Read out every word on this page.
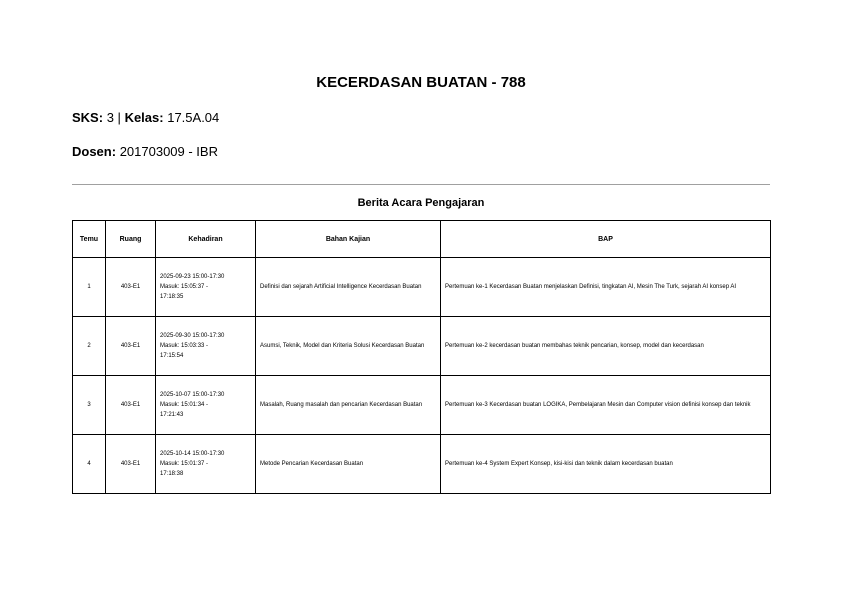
KECERDASAN BUATAN - 788
SKS: 3 | Kelas: 17.5A.04
Dosen: 201703009 - IBR
Berita Acara Pengajaran
Temu	Ruang	Kehadiran	Bahan Kajian	BAP
1	403-E1	2025-09-23 15:00-17:30
Masuk: 15:05:37 -
17:18:35	Definisi dan sejarah Artificial Intelligence Kecerdasan Buatan	Pertemuan ke-1 Kecerdasan Buatan menjelaskan Definisi, tingkatan AI, Mesin The Turk, sejarah AI konsep AI
2	403-E1	2025-09-30 15:00-17:30
Masuk: 15:03:33 -
17:15:54	Asumsi, Teknik, Model dan Kriteria Solusi Kecerdasan Buatan	Pertemuan ke-2 kecerdasan buatan membahas teknik pencarian, konsep, model dan kecerdasan
3	403-E1	2025-10-07 15:00-17:30
Masuk: 15:01:34 -
17:21:43	Masalah, Ruang masalah dan pencarian Kecerdasan Buatan	Pertemuan ke-3 Kecerdasan buatan LOGIKA, Pembelajaran Mesin dan Computer vision definisi konsep dan teknik
4	403-E1	2025-10-14 15:00-17:30
Masuk: 15:01:37 -
17:18:38	Metode Pencarian Kecerdasan Buatan	Pertemuan ke-4 System Expert Konsep, kisi-kisi dan teknik dalam kecerdasan buatan
